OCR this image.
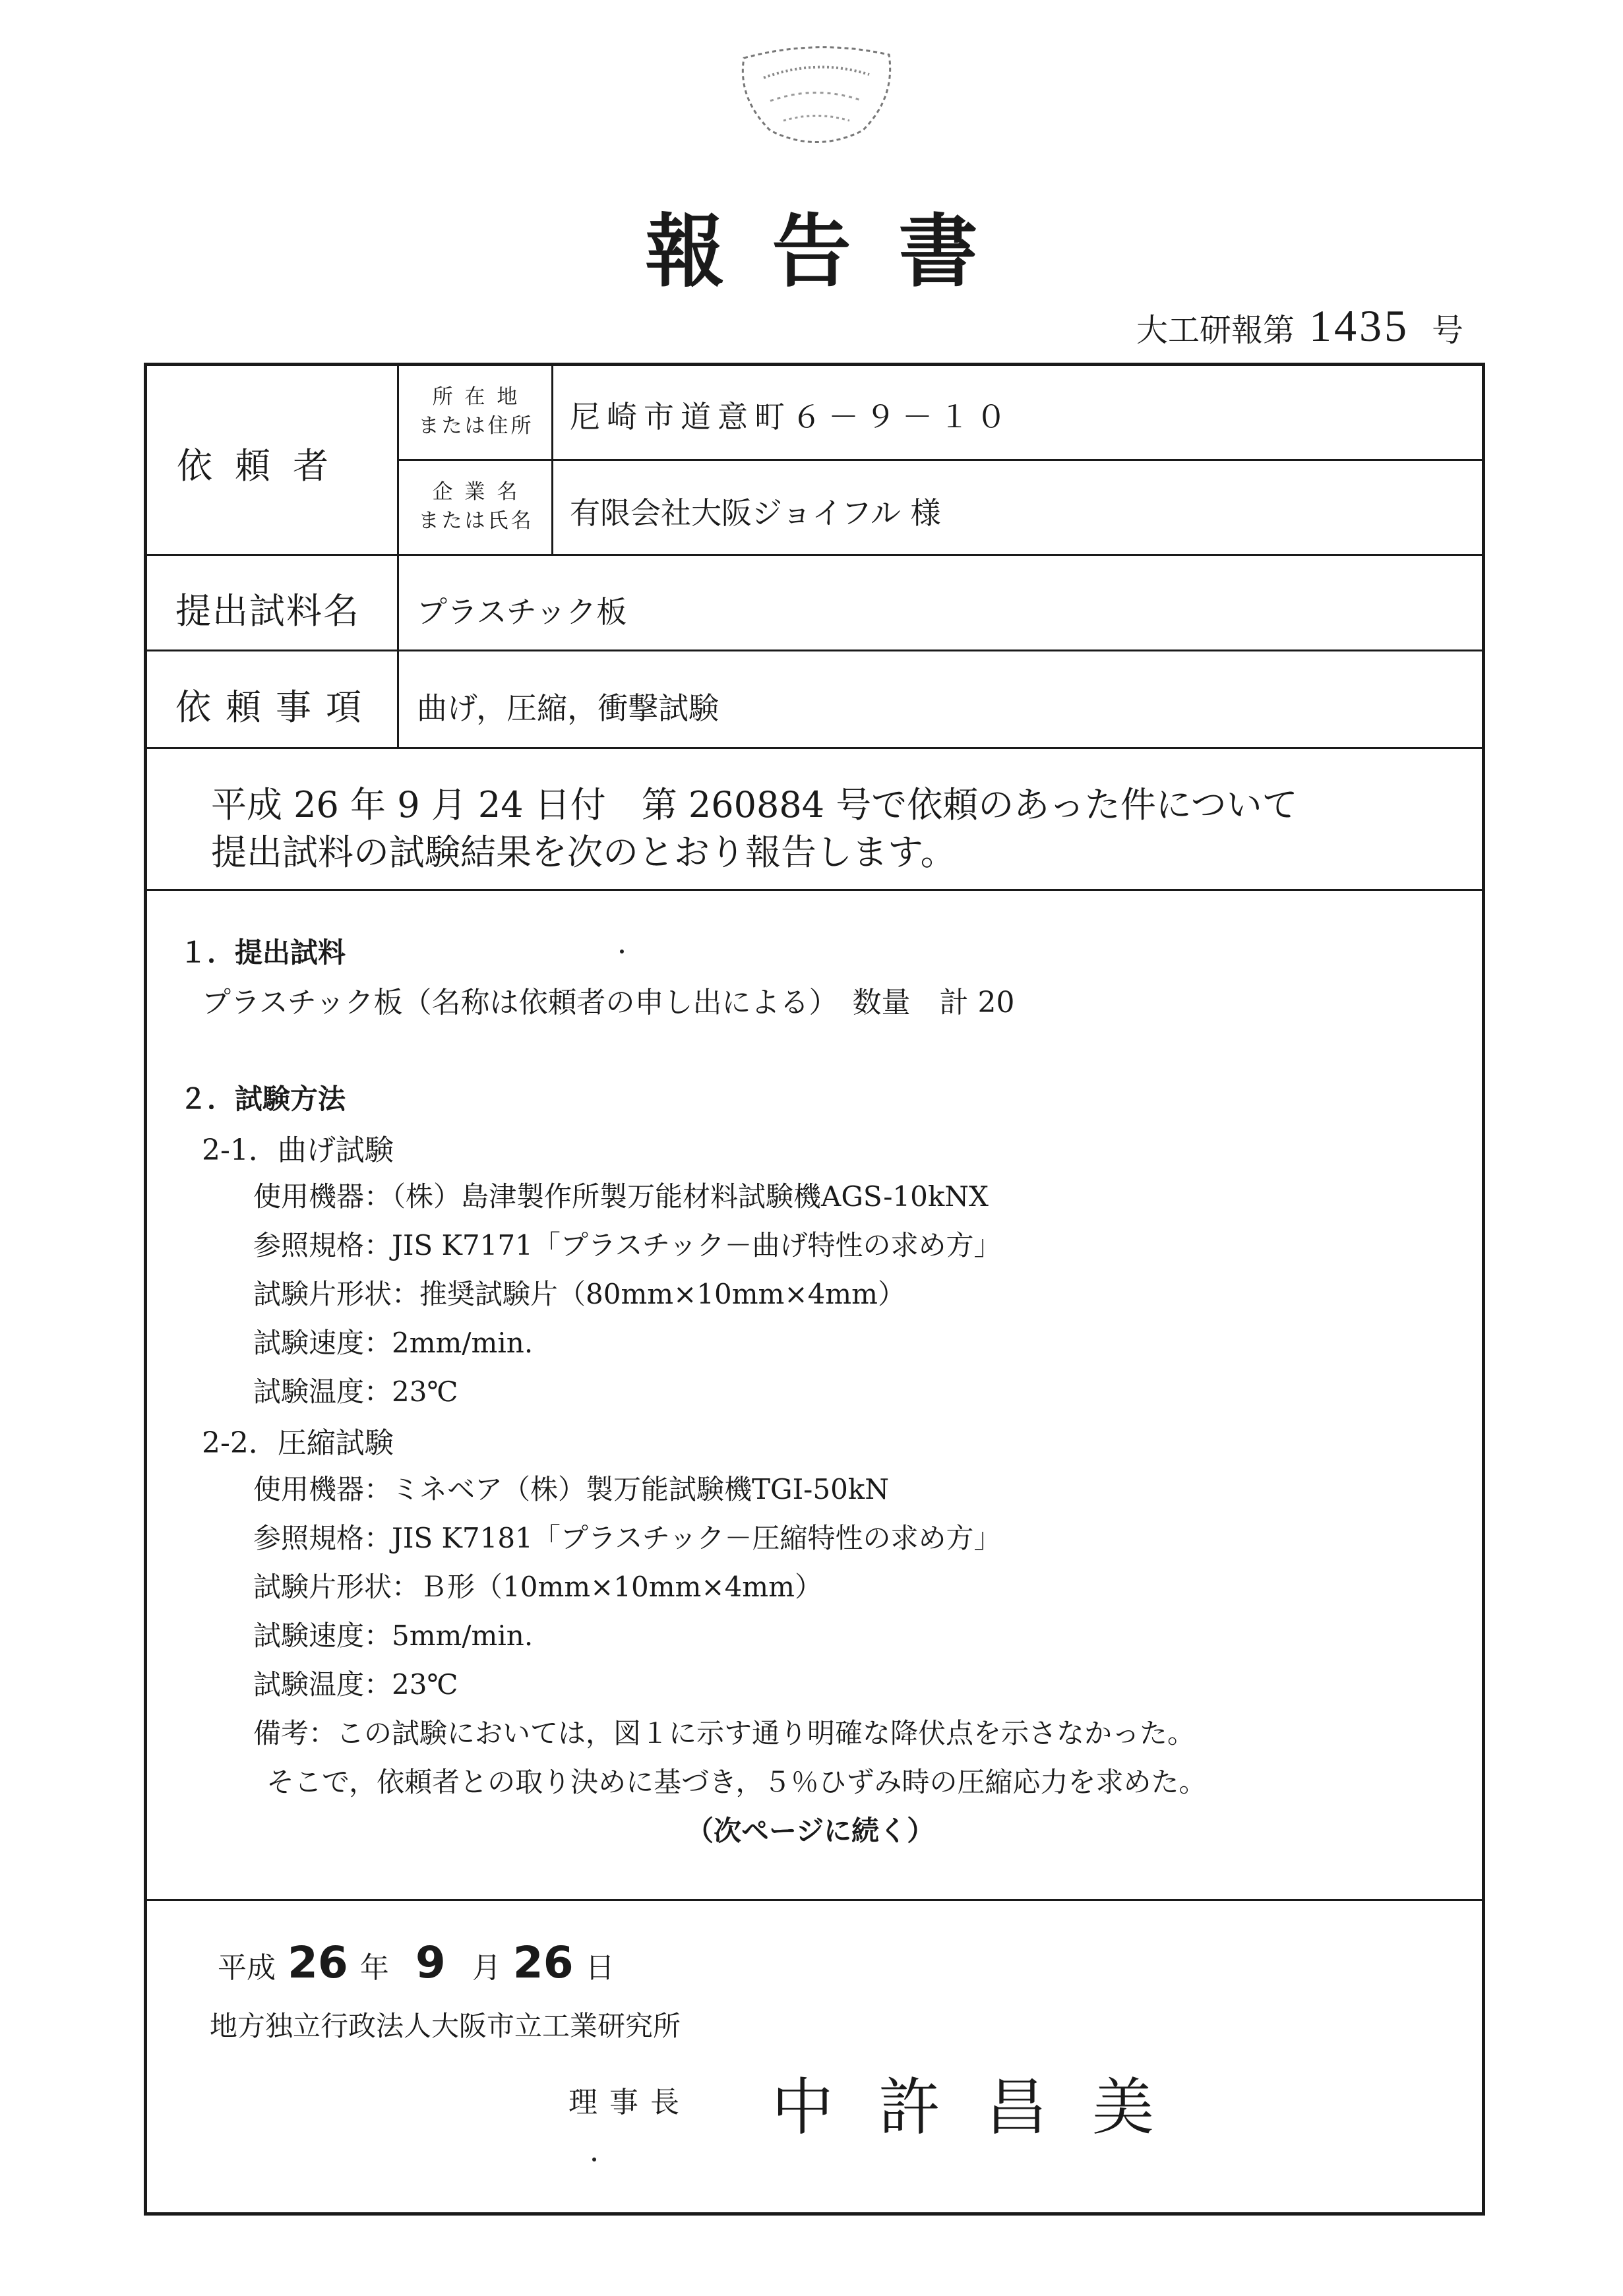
報告書
大工研報第 1435 号
依頼者
所 在 地
または住所	尼崎市道意町６－９－１０
企 業 名
または氏名	有限会社大阪ジョイフル 様
提出試料名 プラスチック板
依頼事項 曲げ，圧縮，衝撃試験
平成 26 年 9 月 24 日付　第 260884 号で依頼のあった件について
提出試料の試験結果を次のとおり報告します。
１．提出試料
プラスチック板（名称は依頼者の申し出による）　数量　計 20
２．試験方法
2-1．曲げ試験
使用機器：（株）島津製作所製万能材料試験機AGS-10kNX
参照規格：JIS K7171「プラスチック－曲げ特性の求め方」
試験片形状：推奨試験片（80mm×10mm×4mm）
試験速度：2mm/min.
試験温度：23℃
2-2．圧縮試験
使用機器：ミネベア（株）製万能試験機TGI-50kN
参照規格：JIS K7181「プラスチック－圧縮特性の求め方」
試験片形状：Ｂ形（10mm×10mm×4mm）
試験速度：5mm/min.
試験温度：23℃
備考：この試験においては，図１に示す通り明確な降伏点を示さなかった。
そこで，依頼者との取り決めに基づき，５％ひずみ時の圧縮応力を求めた。
（次ページに続く）
平成 26 年 9 月 26 日
地方独立行政法人大阪市立工業研究所
理事長 中許昌美
